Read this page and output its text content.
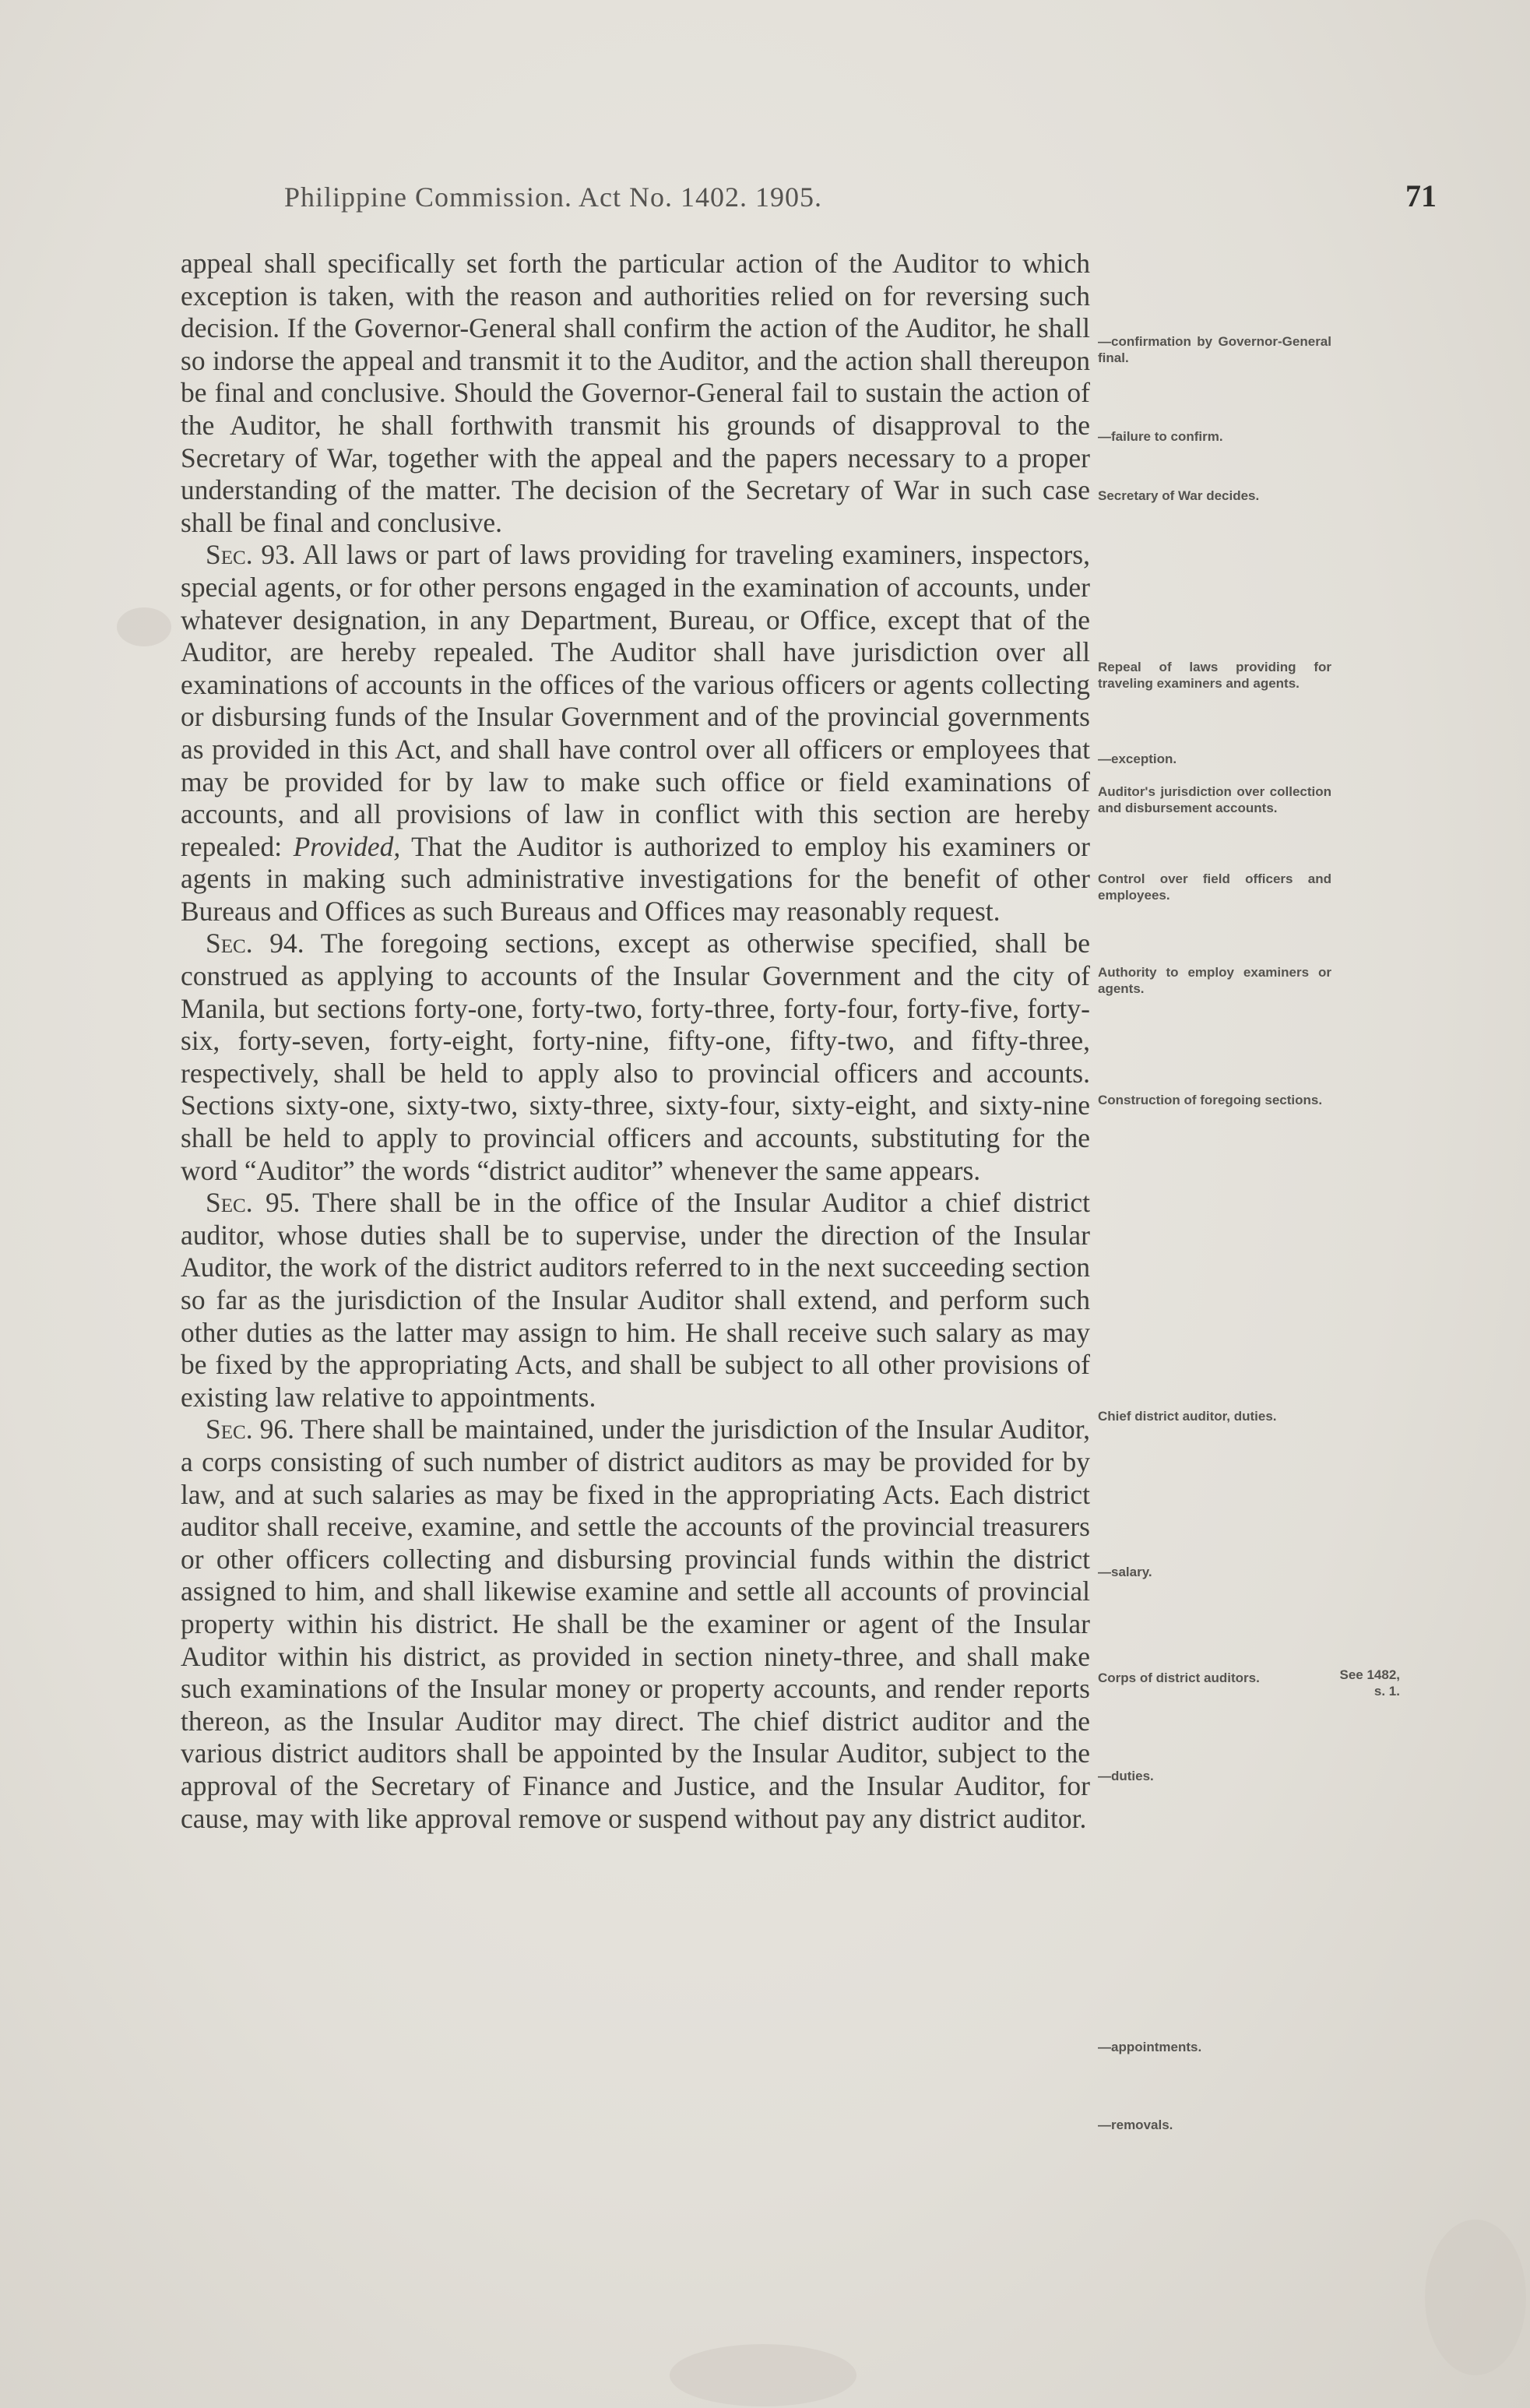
Philippine Commission. Act No. 1402. 1905.	71

appeal shall specifically set forth the particular action of the Auditor to which exception is taken, with the reason and authorities relied on for reversing such decision. If the Governor-General shall confirm the action of the Auditor, he shall so indorse the appeal and transmit it to the Auditor, and the action shall thereupon be final and conclusive. Should the Governor-General fail to sustain the action of the Auditor, he shall forthwith transmit his grounds of disapproval to the Secretary of War, together with the appeal and the papers necessary to a proper understanding of the matter. The decision of the Secretary of War in such case shall be final and conclusive.

Sec. 93. All laws or part of laws providing for traveling examiners, inspectors, special agents, or for other persons engaged in the examination of accounts, under whatever designation, in any Department, Bureau, or Office, except that of the Auditor, are hereby repealed. The Auditor shall have jurisdiction over all examinations of accounts in the offices of the various officers or agents collecting or disbursing funds of the Insular Government and of the provincial governments as provided in this Act, and shall have control over all officers or employees that may be provided for by law to make such office or field examinations of accounts, and all provisions of law in conflict with this section are hereby repealed: Provided, That the Auditor is authorized to employ his examiners or agents in making such administrative investigations for the benefit of other Bureaus and Offices as such Bureaus and Offices may reasonably request.

Sec. 94. The foregoing sections, except as otherwise specified, shall be construed as applying to accounts of the Insular Government and the city of Manila, but sections forty-one, forty-two, forty-three, forty-four, forty-five, forty-six, forty-seven, forty-eight, forty-nine, fifty-one, fifty-two, and fifty-three, respectively, shall be held to apply also to provincial officers and accounts. Sections sixty-one, sixty-two, sixty-three, sixty-four, sixty-eight, and sixty-nine shall be held to apply to provincial officers and accounts, substituting for the word “Auditor” the words “district auditor” whenever the same appears.

Sec. 95. There shall be in the office of the Insular Auditor a chief district auditor, whose duties shall be to supervise, under the direction of the Insular Auditor, the work of the district auditors referred to in the next succeeding section so far as the jurisdiction of the Insular Auditor shall extend, and perform such other duties as the latter may assign to him. He shall receive such salary as may be fixed by the appropriating Acts, and shall be subject to all other provisions of existing law relative to appointments.

Sec. 96. There shall be maintained, under the jurisdiction of the Insular Auditor, a corps consisting of such number of district auditors as may be provided for by law, and at such salaries as may be fixed in the appropriating Acts. Each district auditor shall receive, examine, and settle the accounts of the provincial treasurers or other officers collecting and disbursing provincial funds within the district assigned to him, and shall likewise examine and settle all accounts of provincial property within his district. He shall be the examiner or agent of the Insular Auditor within his district, as provided in section ninety-three, and shall make such examinations of the Insular money or property accounts, and render reports thereon, as the Insular Auditor may direct. The chief district auditor and the various district auditors shall be appointed by the Insular Auditor, subject to the approval of the Secretary of Finance and Justice, and the Insular Auditor, for cause, may with like approval remove or suspend without pay any district auditor.

—confirmation by Governor-General final.
—failure to confirm.
Secretary of War decides.
Repeal of laws providing for traveling examiners and agents.
—exception.
Auditor's jurisdiction over collection and disbursement accounts.
Control over field officers and employees.
Authority to employ examiners or agents.
Construction of foregoing sections.
Chief district auditor, duties.
—salary.
Corps of district auditors.
—duties.
—appointments.
—removals.
See 1482, s. 1.
